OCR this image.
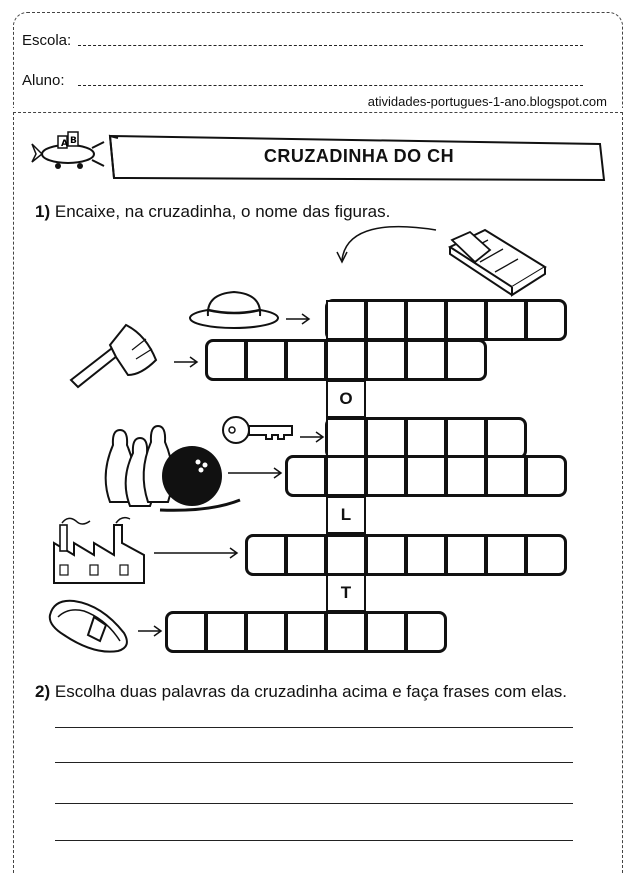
Escola:
Aluno:
atividades-portugues-1-ano.blogspot.com
A B
CRUZADINHA DO CH
1) Encaixe, na cruzadinha, o nome das figuras.
O
L
T
2) Escolha duas palavras da cruzadinha acima e faça frases com elas.
